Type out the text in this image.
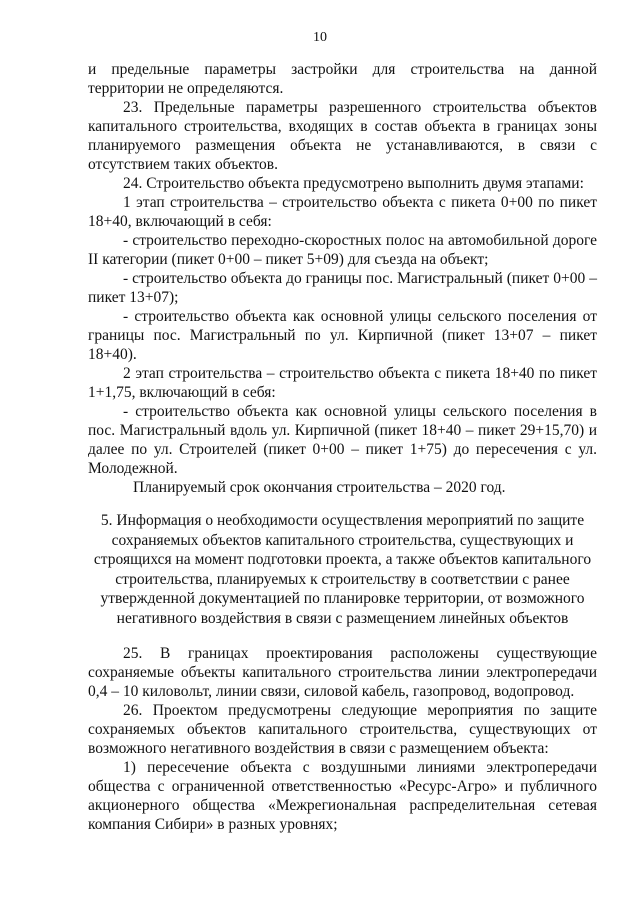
10

и предельные параметры застройки для строительства на данной территории не определяются.

23. Предельные параметры разрешенного строительства объектов капитального строительства, входящих в состав объекта в границах зоны планируемого размещения объекта не устанавливаются, в связи с отсутствием таких объектов.

24. Строительство объекта предусмотрено выполнить двумя этапами:

1 этап строительства – строительство объекта с пикета 0+00 по пикет 18+40, включающий в себя:

- строительство переходно-скоростных полос на автомобильной дороге II категории (пикет 0+00 – пикет 5+09) для съезда на объект;

- строительство объекта до границы пос. Магистральный (пикет 0+00 – пикет 13+07);

- строительство объекта как основной улицы сельского поселения от границы пос. Магистральный по ул. Кирпичной (пикет 13+07 – пикет 18+40).

2 этап строительства – строительство объекта с пикета 18+40 по пикет 1+1,75, включающий в себя:

- строительство объекта как основной улицы сельского поселения в пос. Магистральный вдоль ул. Кирпичной (пикет 18+40 – пикет 29+15,70) и далее по ул. Строителей (пикет 0+00 – пикет 1+75) до пересечения с ул. Молодежной.

Планируемый срок окончания строительства – 2020 год.

5. Информация о необходимости осуществления мероприятий по защите сохраняемых объектов капитального строительства, существующих и строящихся на момент подготовки проекта, а также объектов капитального строительства, планируемых к строительству в соответствии с ранее утвержденной документацией по планировке территории, от возможного негативного воздействия в связи с размещением линейных объектов

25. В границах проектирования расположены существующие сохраняемые объекты капитального строительства линии электропередачи 0,4 – 10 киловольт, линии связи, силовой кабель, газопровод, водопровод.

26. Проектом предусмотрены следующие мероприятия по защите сохраняемых объектов капитального строительства, существующих от возможного негативного воздействия в связи с размещением объекта:

1) пересечение объекта с воздушными линиями электропередачи общества с ограниченной ответственностью «Ресурс-Агро» и публичного акционерного общества «Межрегиональная распределительная сетевая компания Сибири» в разных уровнях;
